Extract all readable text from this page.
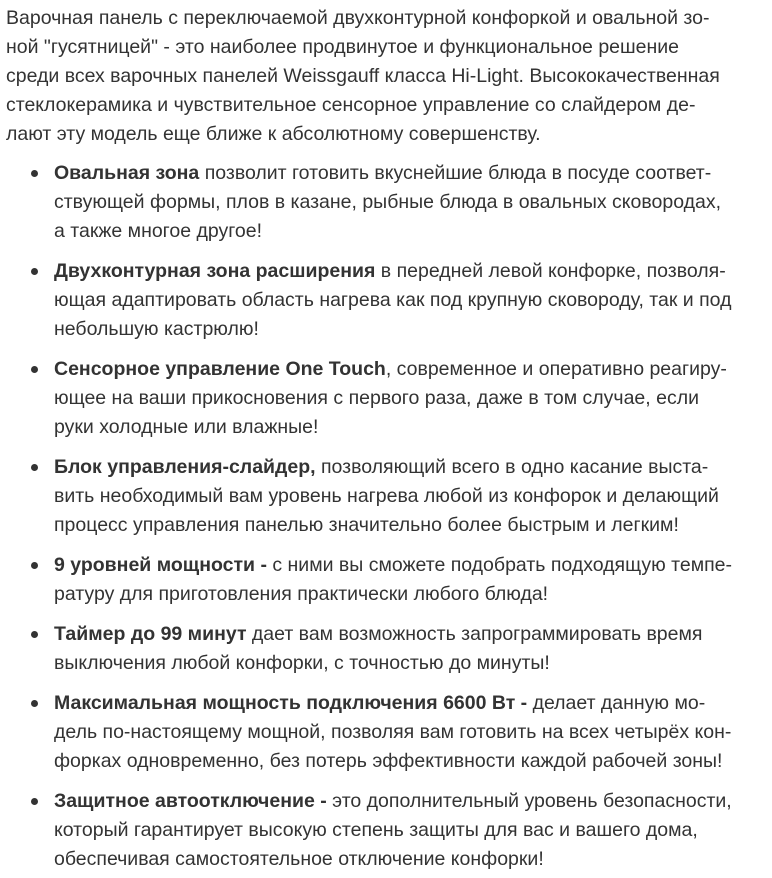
Варочная панель с переключаемой двухконтурной конфоркой и овальной зо-
ной "гусятницей" - это наиболее продвинутое и функциональное решение
среди всех варочных панелей Weissgauff класса Hi-Light. Высококачественная
стеклокерамика и чувствительное сенсорное управление со слайдером де-
лают эту модель еще ближе к абсолютному совершенству.

Овальная зона позволит готовить вкуснейшие блюда в посуде соответ-
ствующей формы, плов в казане, рыбные блюда в овальных сковородах,
а также многое другое!
Двухконтурная зона расширения в передней левой конфорке, позволя-
ющая адаптировать область нагрева как под крупную сковороду, так и под
небольшую кастрюлю!
Сенсорное управление One Touch, современное и оперативно реагиру-
ющее на ваши прикосновения с первого раза, даже в том случае, если
руки холодные или влажные!
Блок управления-слайдер, позволяющий всего в одно касание выста-
вить необходимый вам уровень нагрева любой из конфорок и делающий
процесс управления панелью значительно более быстрым и легким!
9 уровней мощности - с ними вы сможете подобрать подходящую темпе-
ратуру для приготовления практически любого блюда!
Таймер до 99 минут дает вам возможность запрограммировать время
выключения любой конфорки, с точностью до минуты!
Максимальная мощность подключения 6600 Вт - делает данную мо-
дель по-настоящему мощной, позволяя вам готовить на всех четырёх кон-
форках одновременно, без потерь эффективности каждой рабочей зоны!
Защитное автоотключение - это дополнительный уровень безопасности,
который гарантирует высокую степень защиты для вас и вашего дома,
обеспечивая самостоятельное отключение конфорки!
